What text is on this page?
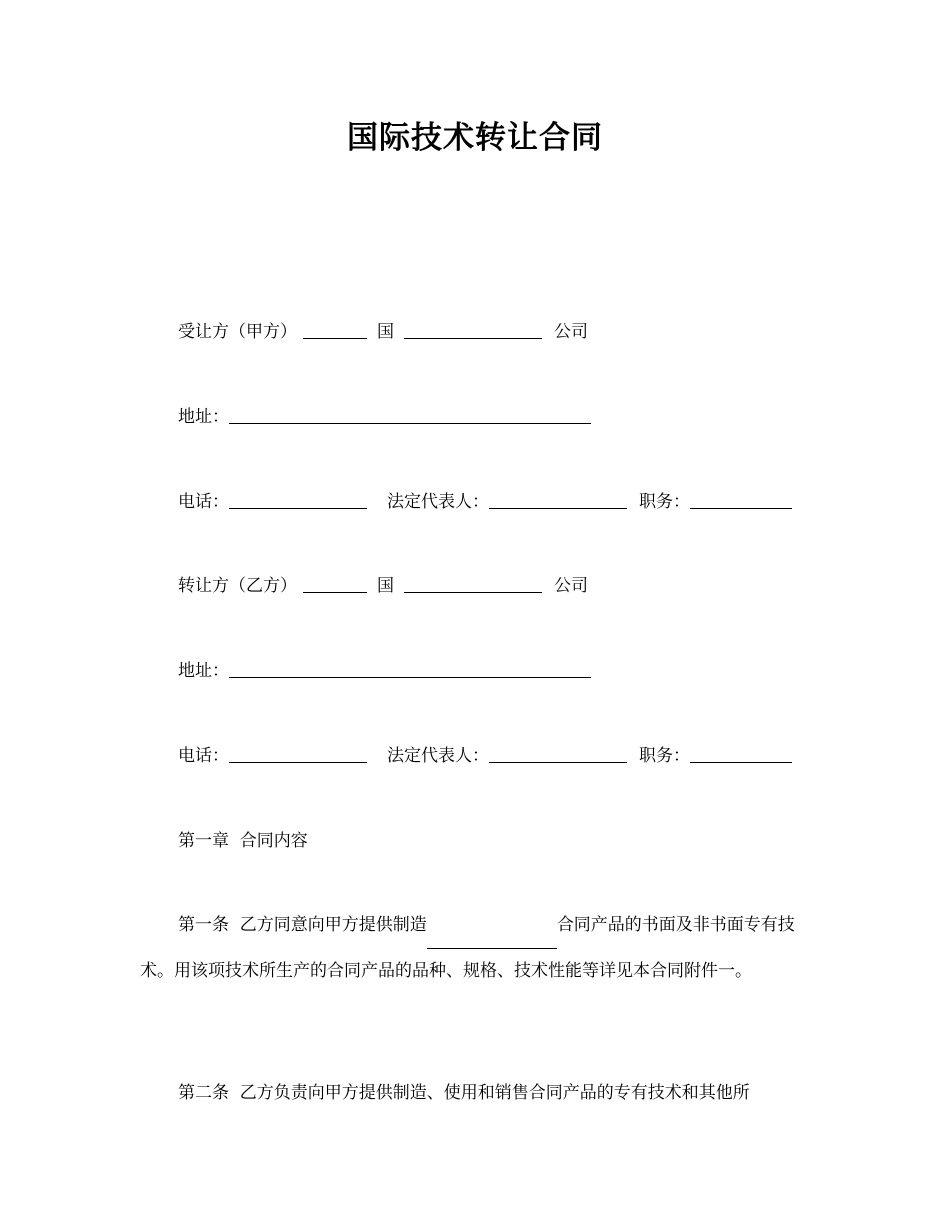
国际技术转让合同
受让方（甲方）	国	公司
地址：
电话：	法定代表人：	职务：
转让方（乙方）	国	公司
地址：
电话：	法定代表人：	职务：
第一章  合同内容
第一条  乙方同意向甲方提供制造	合同产品的书面及非书面专有技术。用该项技术所生产的合同产品的品种、规格、技术性能等详见本合同附件一。
第二条  乙方负责向甲方提供制造、使用和销售合同产品的专有技术和其他所
